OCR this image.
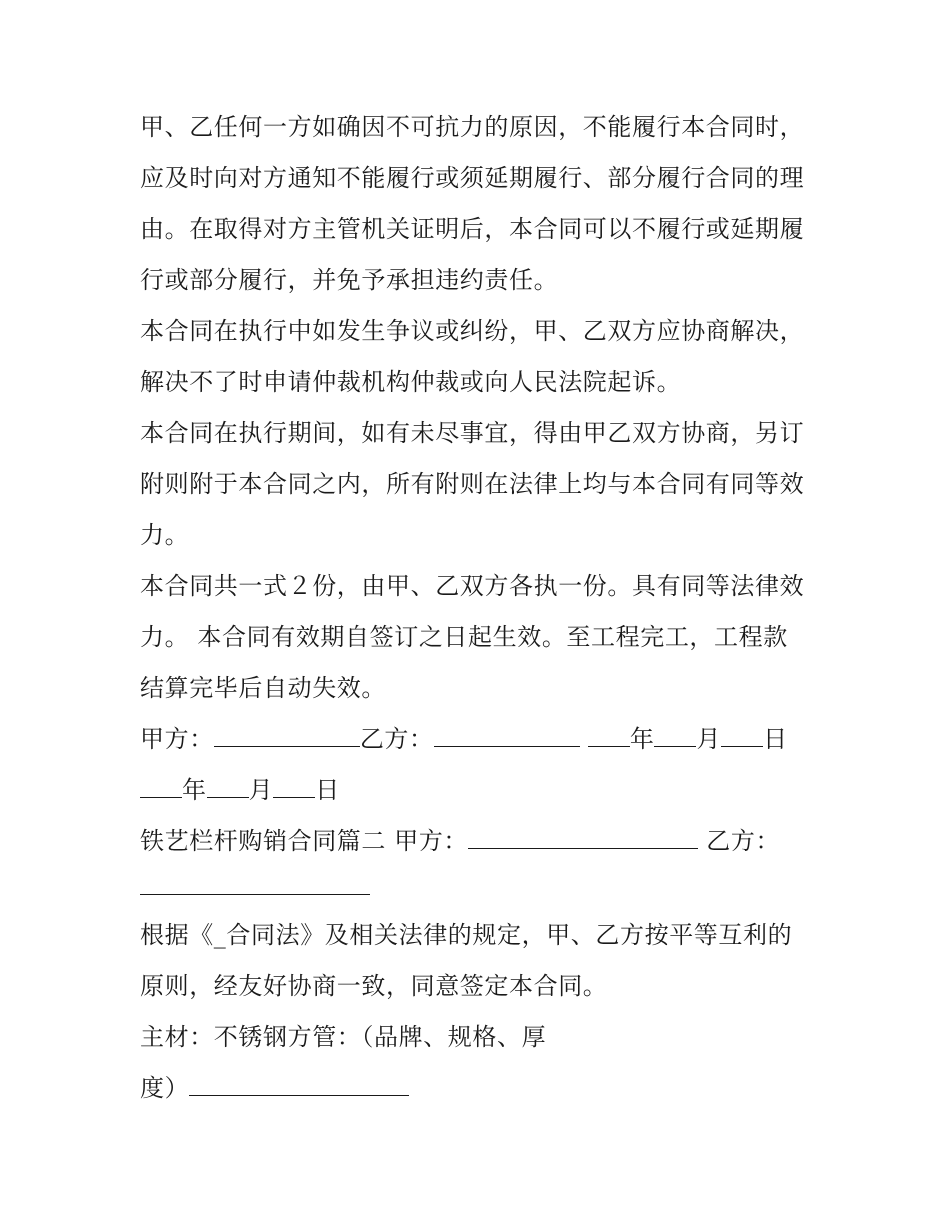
甲、乙任何一方如确因不可抗力的原因，不能履行本合同时，

应及时向对方通知不能履行或须延期履行、部分履行合同的理

由。在取得对方主管机关证明后，本合同可以不履行或延期履

行或部分履行，并免予承担违约责任。

本合同在执行中如发生争议或纠纷，甲、乙双方应协商解决，

解决不了时申请仲裁机构仲裁或向人民法院起诉。

本合同在执行期间，如有未尽事宜，得由甲乙双方协商，另订

附则附于本合同之内，所有附则在法律上均与本合同有同等效

力。

本合同共一式２份，由甲、乙双方各执一份。具有同等法律效

力。 本合同有效期自签订之日起生效。至工程完工，工程款

结算完毕后自动失效。

甲方：	乙方：	年 月 日

年 月 日

铁艺栏杆购销合同篇二 甲方：	乙方：

根据《_合同法》及相关法律的规定，甲、乙方按平等互利的

原则，经友好协商一致，同意签定本合同。

主材：不锈钢方管：（品牌、规格、厚

度）
